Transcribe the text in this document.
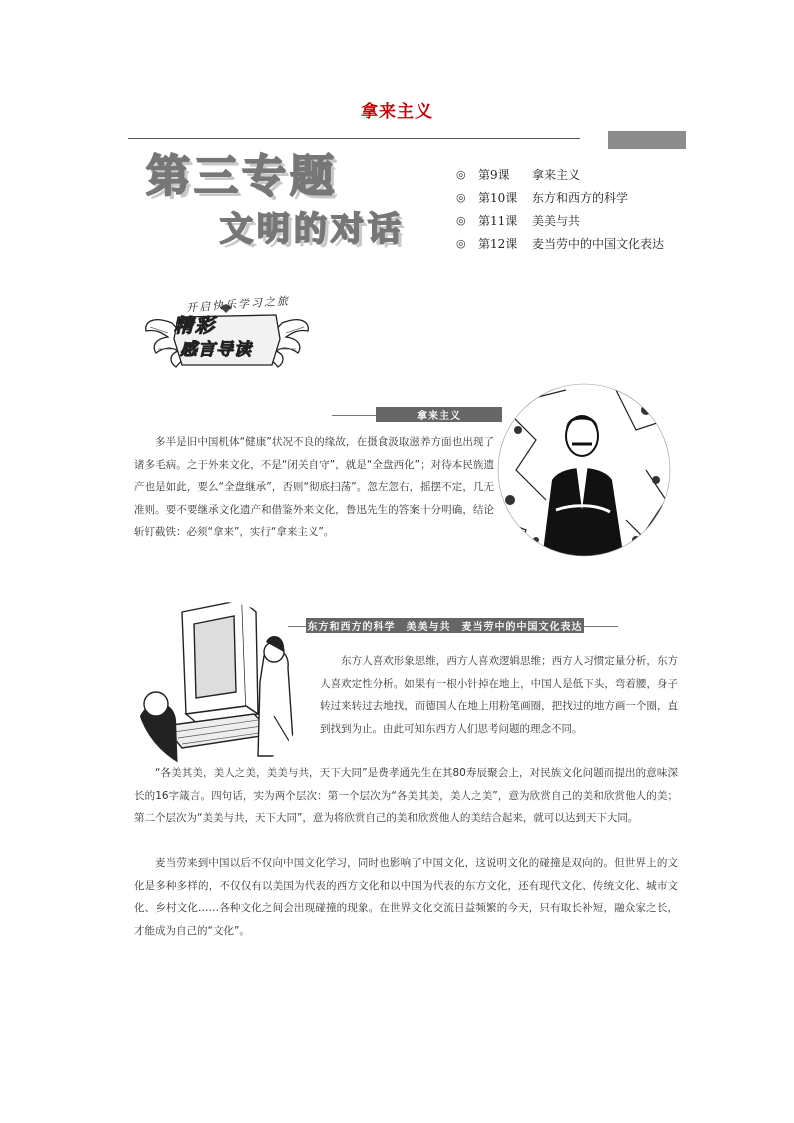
拿来主义
第三专题
文明的对话
◎	第9课	拿来主义
◎	第10课	东方和西方的科学
◎	第11课	美美与共
◎	第12课	麦当劳中的中国文化表达
开启快乐学习之旅
精彩
感言导读
拿来主义

多半是旧中国机体“健康”状况不良的缘故，在摄食汲取滋养方面也出现了诸多毛病。之于外来文化，不是“闭关自守”，就是“全盘西化”；对待本民族遗产也是如此，要么“全盘继承”，否则“彻底扫荡”。忽左忽右，摇摆不定，几无准则。要不要继承文化遗产和借鉴外来文化，鲁迅先生的答案十分明确，结论斩钉截铁：必须“拿来”，实行“拿来主义”。

东方和西方的科学　美美与共　麦当劳中的中国文化表达

东方人喜欢形象思维，西方人喜欢逻辑思维；西方人习惯定量分析，东方人喜欢定性分析。如果有一根小针掉在地上，中国人是低下头，弯着腰，身子转过来转过去地找，而德国人在地上用粉笔画圈，把找过的地方画一个圈，直到找到为止。由此可知东西方人们思考问题的理念不同。

“各美其美，美人之美，美美与共，天下大同”是费孝通先生在其80寿辰聚会上，对民族文化问题而提出的意味深长的16字箴言。四句话，实为两个层次：第一个层次为“各美其美，美人之美”，意为欣赏自己的美和欣赏他人的美；第二个层次为“美美与共，天下大同”，意为将欣赏自己的美和欣赏他人的美结合起来，就可以达到天下大同。

麦当劳来到中国以后不仅向中国文化学习，同时也影响了中国文化，这说明文化的碰撞是双向的。但世界上的文化是多种多样的，不仅仅有以美国为代表的西方文化和以中国为代表的东方文化，还有现代文化、传统文化、城市文化、乡村文化……各种文化之间会出现碰撞的现象。在世界文化交流日益频繁的今天，只有取长补短，融众家之长，才能成为自己的“文化”。
